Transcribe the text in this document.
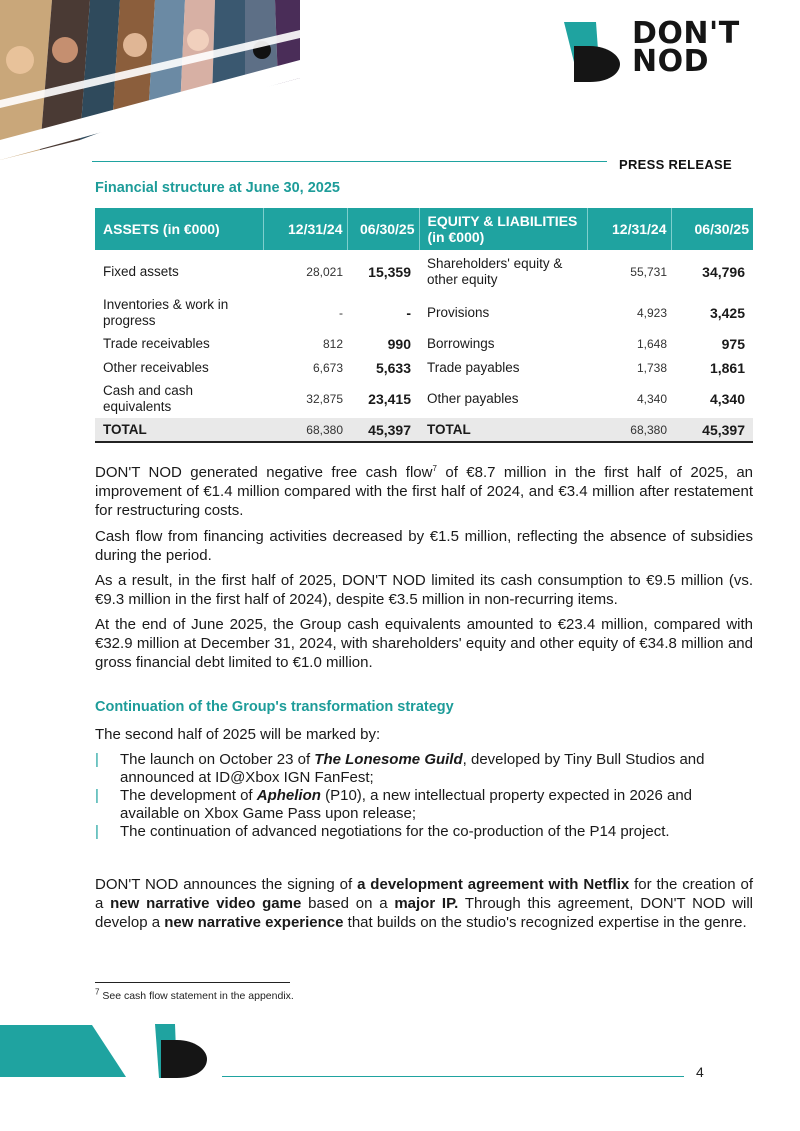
DON'T
NOD
PRESS RELEASE
Financial structure at June 30, 2025
ASSETS (in €000)	12/31/24	06/30/25	EQUITY & LIABILITIES (in €000)	12/31/24	06/30/25
Fixed assets	28,021	15,359	Shareholders' equity & other equity	55,731	34,796
Inventories & work in progress	-	-	Provisions	4,923	3,425
Trade receivables	812	990	Borrowings	1,648	975
Other receivables	6,673	5,633	Trade payables	1,738	1,861
Cash and cash equivalents	32,875	23,415	Other payables	4,340	4,340
TOTAL	68,380	45,397	TOTAL	68,380	45,397
DON'T NOD generated negative free cash flow$^7$ of €8.7 million in the first half of 2025, an improvement of €1.4 million compared with the first half of 2024, and €3.4 million after restatement for restructuring costs.
Cash flow from financing activities decreased by €1.5 million, reflecting the absence of subsidies during the period.
As a result, in the first half of 2025, DON'T NOD limited its cash consumption to €9.5 million (vs. €9.3 million in the first half of 2024), despite €3.5 million in non-recurring items.
At the end of June 2025, the Group cash equivalents amounted to €23.4 million, compared with €32.9 million at December 31, 2024, with shareholders' equity and other equity of €34.8 million and gross financial debt limited to €1.0 million.
Continuation of the Group's transformation strategy
The second half of 2025 will be marked by:
| The launch on October 23 of The Lonesome Guild, developed by Tiny Bull Studios and announced at ID@Xbox IGN FanFest;
| The development of Aphelion (P10), a new intellectual property expected in 2026 and available on Xbox Game Pass upon release;
| The continuation of advanced negotiations for the co-production of the P14 project.
DON'T NOD announces the signing of a development agreement with Netflix for the creation of a new narrative video game based on a major IP. Through this agreement, DON'T NOD will develop a new narrative experience that builds on the studio's recognized expertise in the genre.
$^7$ See cash flow statement in the appendix.
4
